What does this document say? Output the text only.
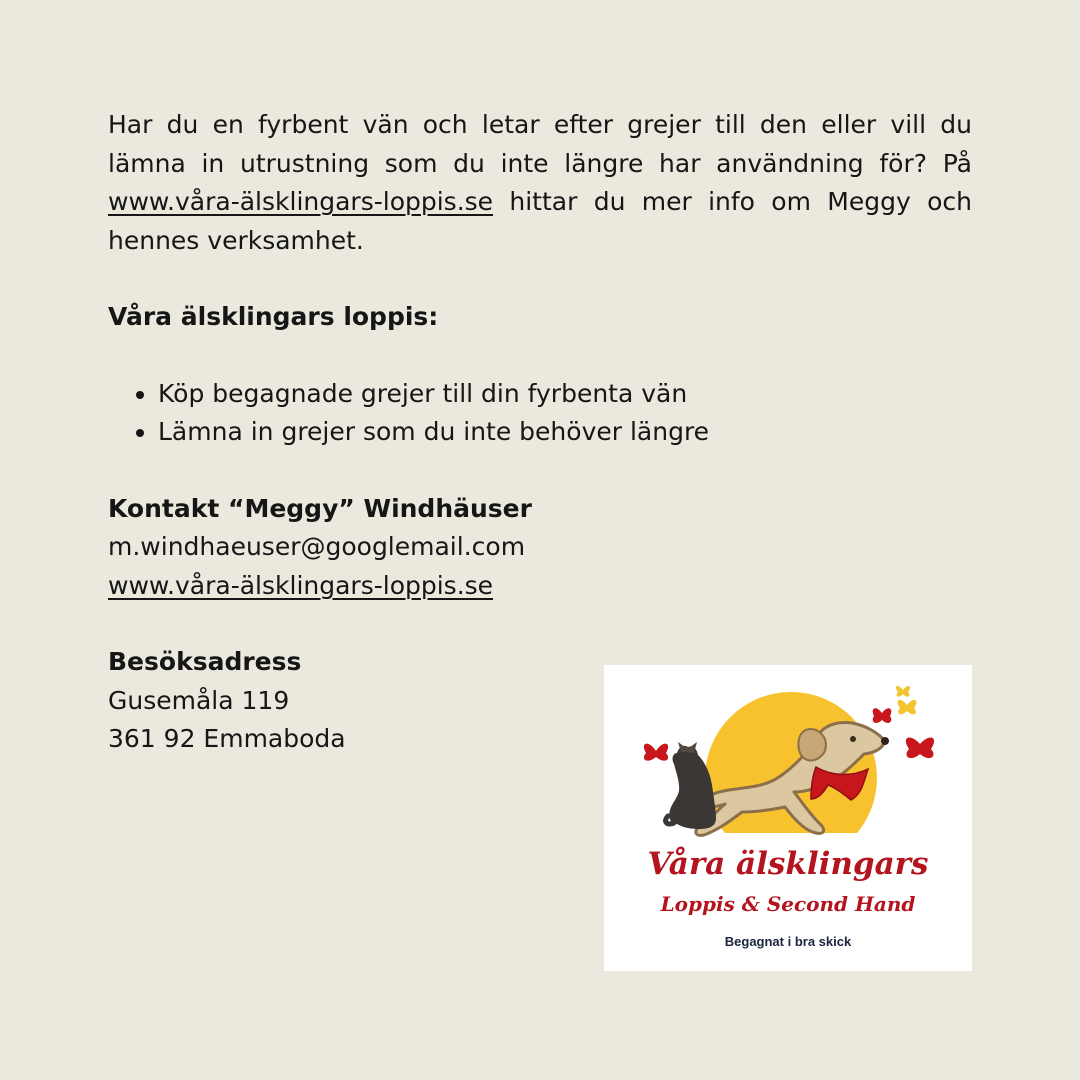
Har du en fyrbent vän och letar efter grejer till den eller vill du lämna in utrustning som du inte längre har användning för? På www.våra-älsklingars-loppis.se hittar du mer info om Meggy och hennes verksamhet.

Våra älsklingars loppis:

• Köp begagnade grejer till din fyrbenta vän
• Lämna in grejer som du inte behöver längre

Kontakt “Meggy” Windhäuser

m.windhaeuser@googlemail.com

www.våra-älsklingars-loppis.se

Besöksadress

Gusemåla 119

361 92 Emmaboda

Våra älsklingars
Loppis & Second Hand
Begagnat i bra skick
